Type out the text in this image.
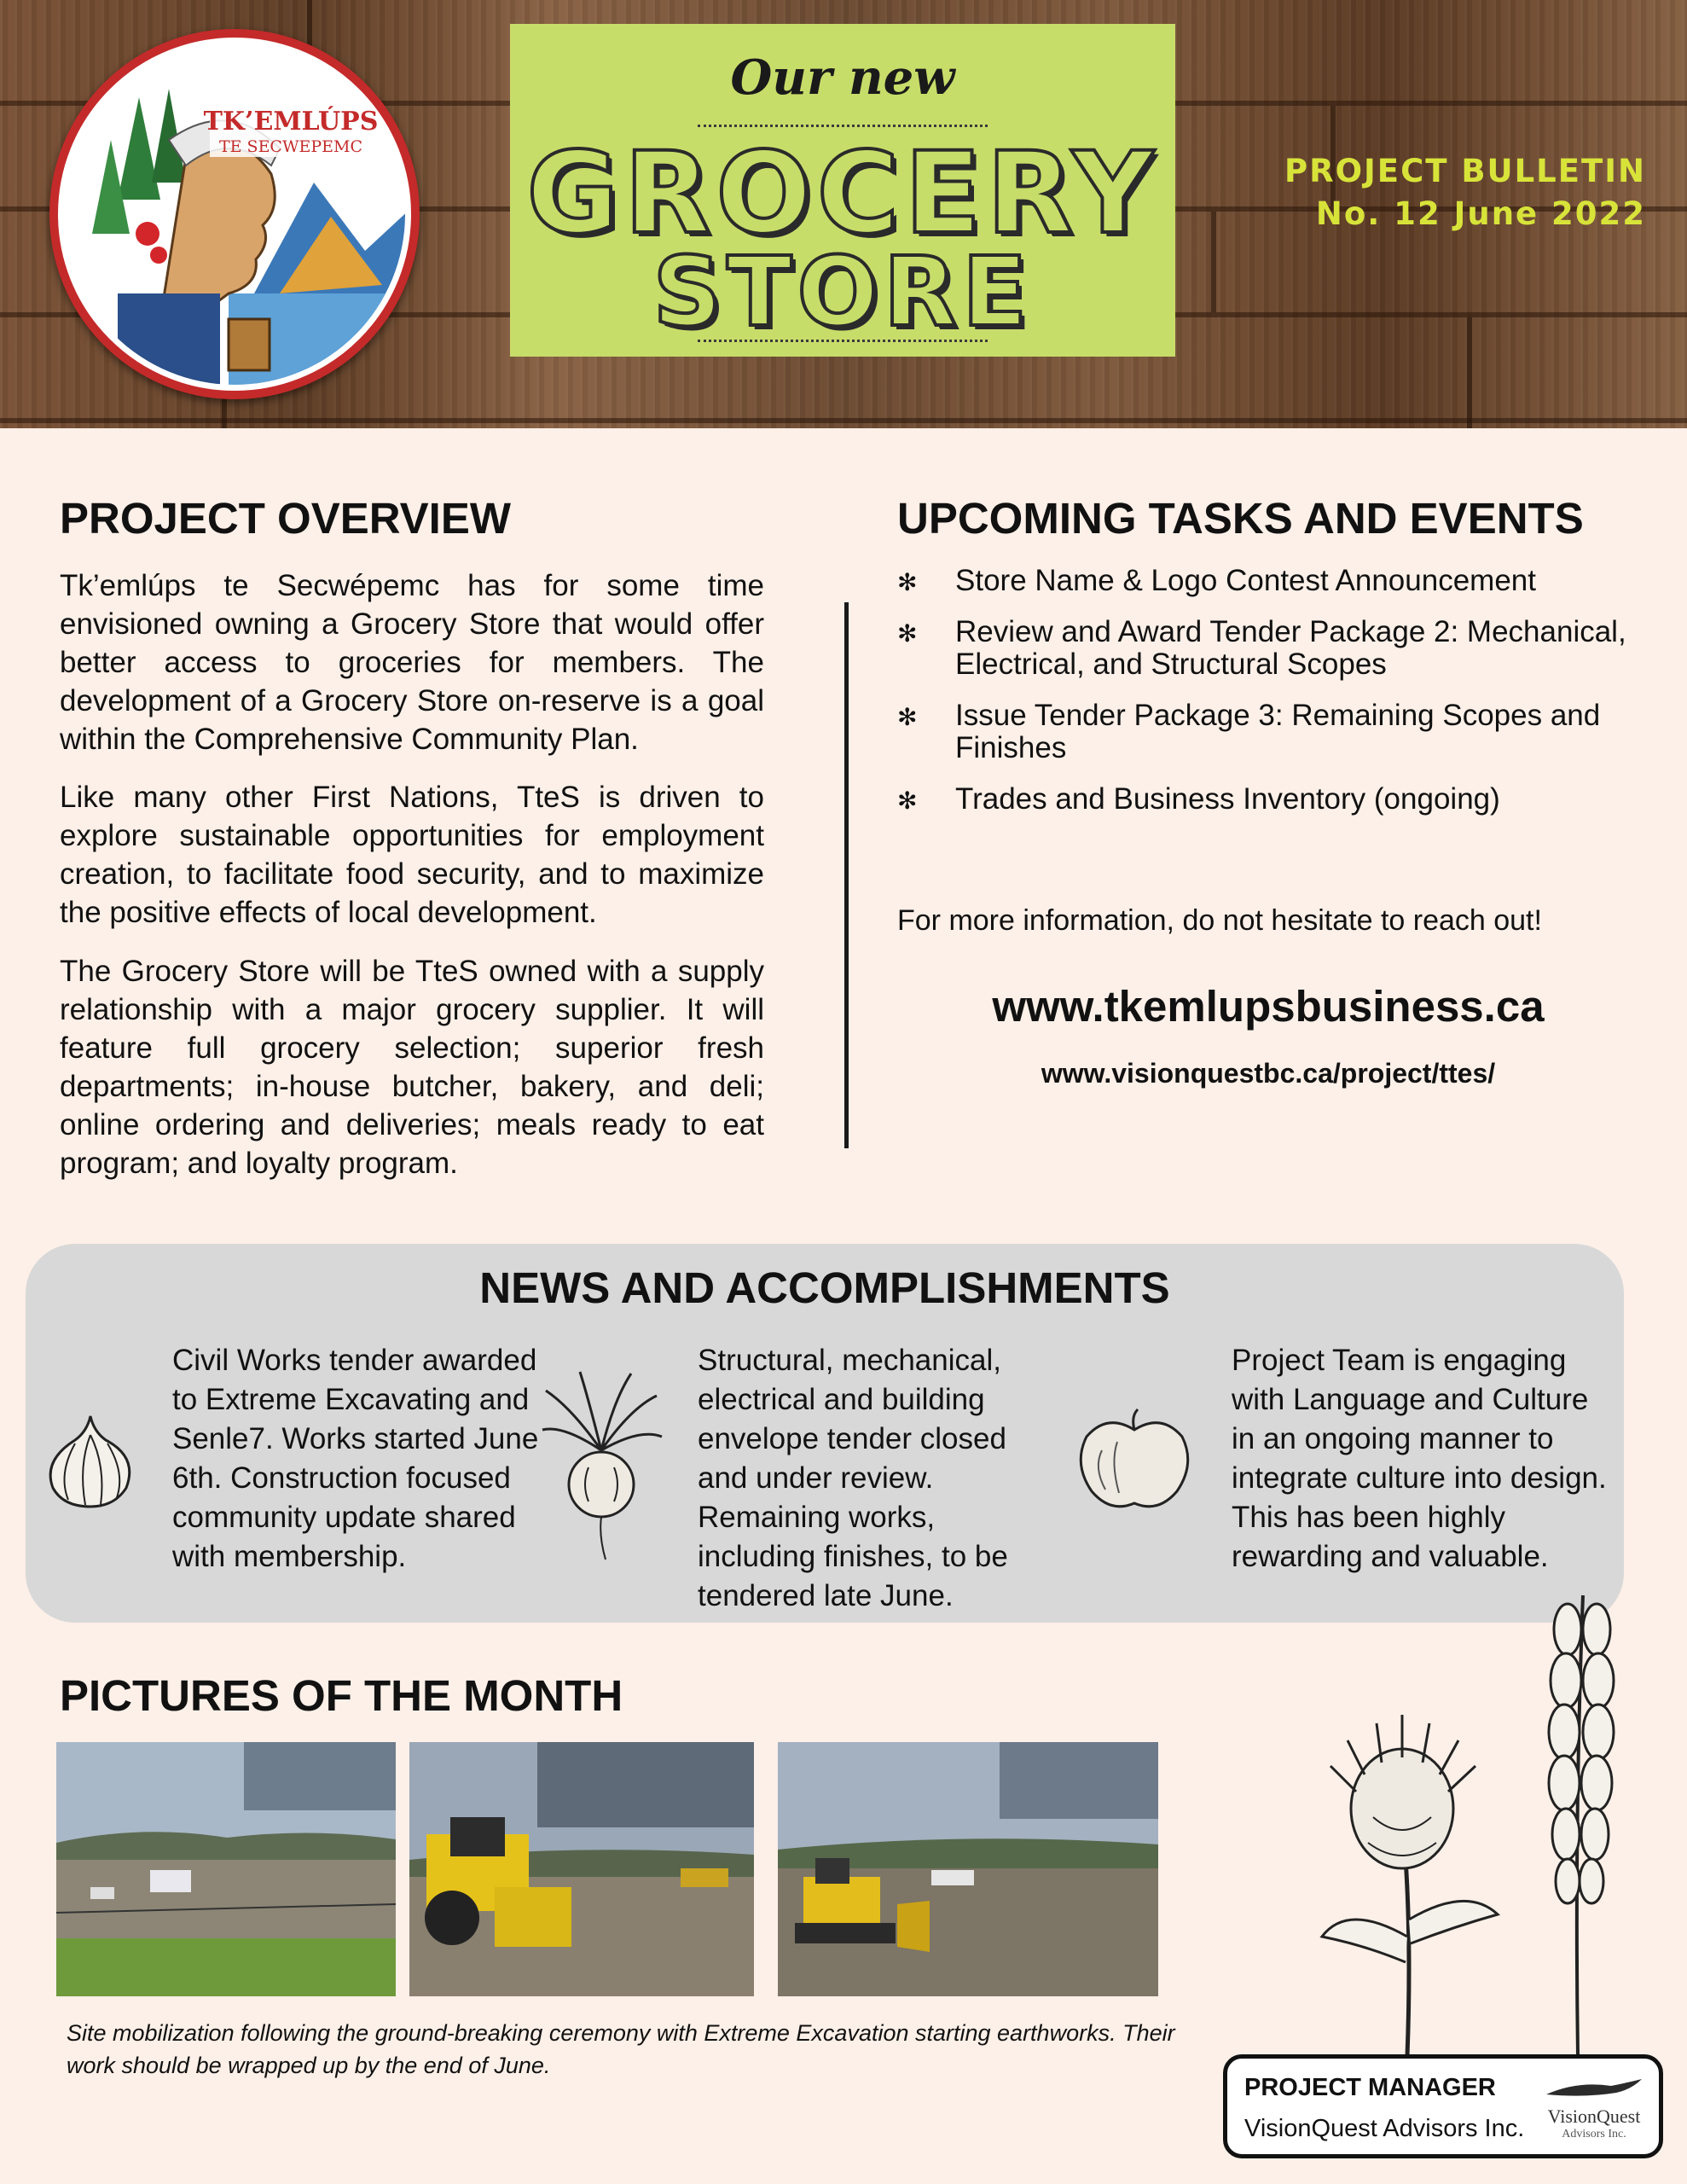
TK’EMLÚPS
TE SECWEPEMC
Our new
GROCERY
STORE
PROJECT BULLETIN
No. 12 June 2022
PROJECT OVERVIEW

Tk’emlúps te Secwépemc has for some time envisioned owning a Grocery Store that would offer better access to groceries for members. The development of a Grocery Store on-reserve is a goal within the Comprehensive Community Plan.

Like many other First Nations, TteS is driven to explore sustainable opportunities for employment creation, to facilitate food security, and to maximize the positive effects of local development.

The Grocery Store will be TteS owned with a supply relationship with a major grocery supplier. It will feature full grocery selection; superior fresh departments; in-house butcher, bakery, and deli; online ordering and deliveries; meals ready to eat program; and loyalty program.

UPCOMING TASKS AND EVENTS
✻ Store Name & Logo Contest Announcement
✻ Review and Award Tender Package 2: Mechanical, Electrical, and Structural Scopes
✻ Issue Tender Package 3: Remaining Scopes and Finishes
✻ Trades and Business Inventory (ongoing)
For more information, do not hesitate to reach out!
www.tkemlupsbusiness.ca
www.visionquestbc.ca/project/ttes/
NEWS AND ACCOMPLISHMENTS

Civil Works tender awarded to Extreme Excavating and Senle7. Works started June 6th. Construction focused community update shared with membership.

Structural, mechanical, electrical and building envelope tender closed and under review. Remaining works, including finishes, to be tendered late June.

Project Team is engaging with Language and Culture in an ongoing manner to integrate culture into design. This has been highly rewarding and valuable.

PICTURES OF THE MONTH

Site mobilization following the ground-breaking ceremony with Extreme Excavation starting earthworks. Their work should be wrapped up by the end of June.

PROJECT MANAGER
VisionQuest Advisors Inc.	VisionQuest
Advisors Inc.
